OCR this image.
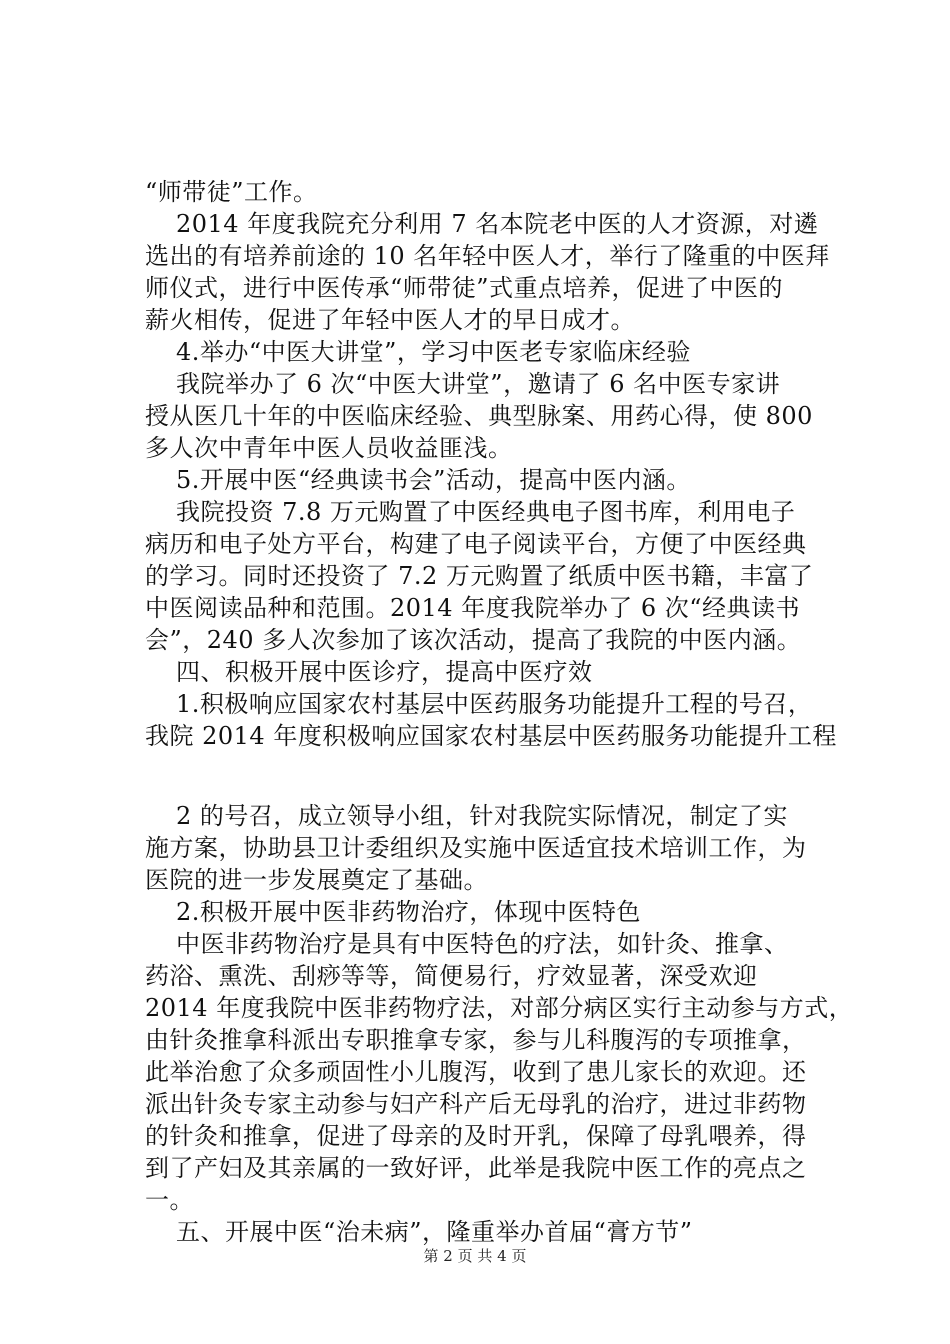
“师带徒”工作。

2014 年度我院充分利用 7 名本院老中医的人才资源，对遴

选出的有培养前途的 10 名年轻中医人才，举行了隆重的中医拜

师仪式，进行中医传承“师带徒”式重点培养，促进了中医的

薪火相传，促进了年轻中医人才的早日成才。

4.举办“中医大讲堂”，学习中医老专家临床经验

我院举办了 6 次“中医大讲堂”，邀请了 6 名中医专家讲

授从医几十年的中医临床经验、典型脉案、用药心得，使 800

多人次中青年中医人员收益匪浅。

5.开展中医“经典读书会”活动，提高中医内涵。

我院投资 7.8 万元购置了中医经典电子图书库，利用电子

病历和电子处方平台，构建了电子阅读平台，方便了中医经典

的学习。同时还投资了 7.2 万元购置了纸质中医书籍，丰富了

中医阅读品种和范围。2014 年度我院举办了 6 次“经典读书

会”，240 多人次参加了该次活动，提高了我院的中医内涵。

四、积极开展中医诊疗，提高中医疗效

1.积极响应国家农村基层中医药服务功能提升工程的号召，

我院 2014 年度积极响应国家农村基层中医药服务功能提升工程

2 的号召，成立领导小组，针对我院实际情况，制定了实

施方案，协助县卫计委组织及实施中医适宜技术培训工作，为

医院的进一步发展奠定了基础。

2.积极开展中医非药物治疗，体现中医特色

中医非药物治疗是具有中医特色的疗法，如针灸、推拿、

药浴、熏洗、刮痧等等，简便易行，疗效显著，深受欢迎

2014 年度我院中医非药物疗法，对部分病区实行主动参与方式，

由针灸推拿科派出专职推拿专家，参与儿科腹泻的专项推拿，

此举治愈了众多顽固性小儿腹泻，收到了患儿家长的欢迎。还

派出针灸专家主动参与妇产科产后无母乳的治疗，进过非药物

的针灸和推拿，促进了母亲的及时开乳，保障了母乳喂养，得

到了产妇及其亲属的一致好评，此举是我院中医工作的亮点之

一。

五、开展中医“治未病”，隆重举办首届“膏方节”

第 2 页 共 4 页
